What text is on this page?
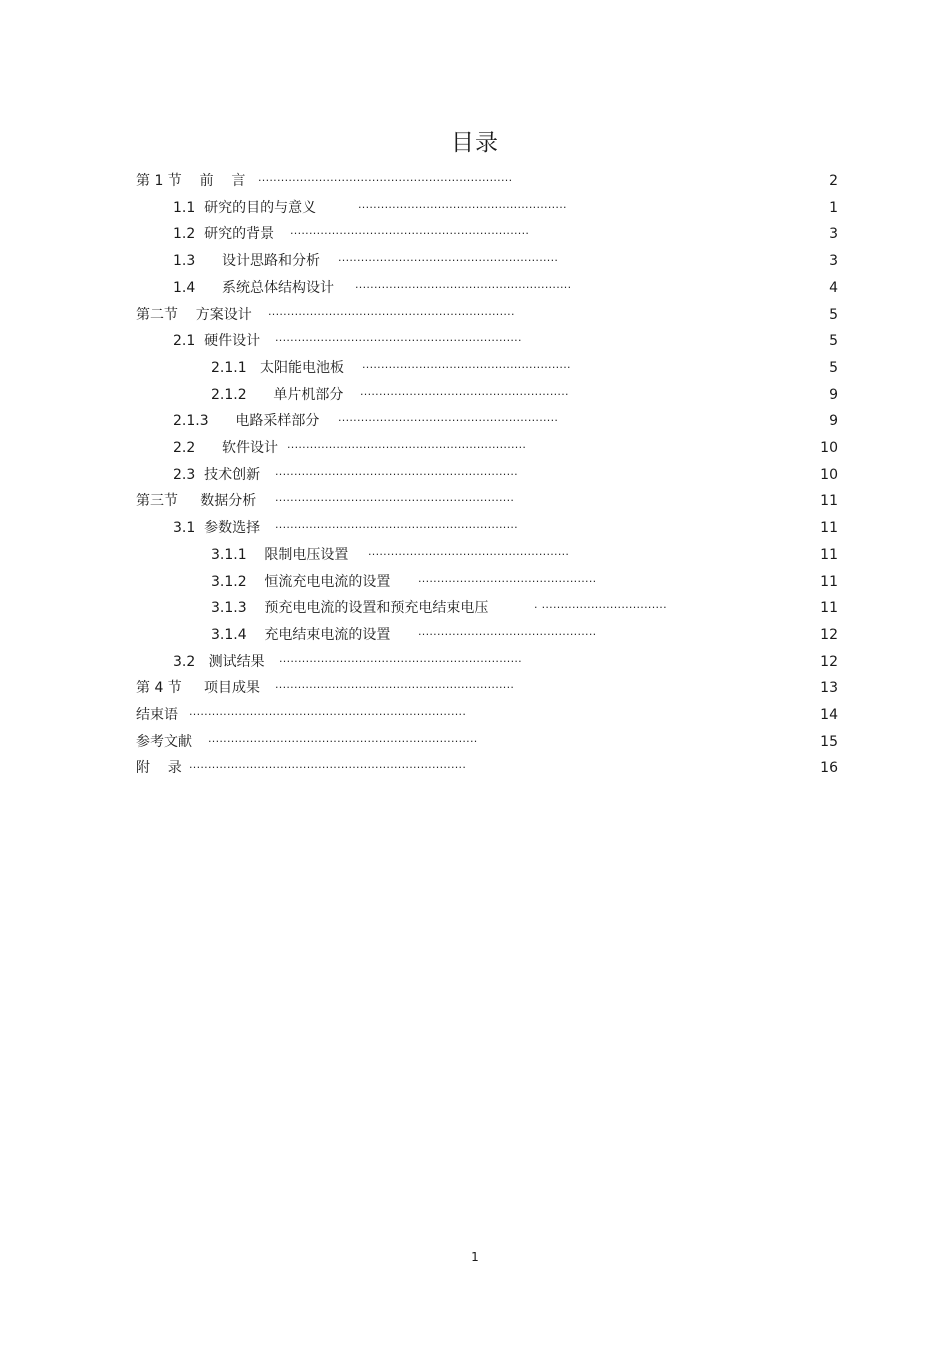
目录
第 1 节    前    言 ...................................................................	2
1.1  研究的目的与意义	.......................................................	1
1.2  研究的背景 ...............................................................	3
1.3      设计思路和分析 ..........................................................	3
1.4      系统总体结构设计 .........................................................	4
第二节    方案设计 .................................................................	5
2.1  硬件设计 .................................................................	5
2.1.1   太阳能电池板 .......................................................	5
2.1.2      单片机部分 .......................................................	9
2.1.3      电路采样部分 ..........................................................	9
2.2      软件设计 ...............................................................	10
2.3  技术创新 ................................................................	10
第三节     数据分析 ...............................................................	11
3.1  参数选择 ................................................................	11
3.1.1    限制电压设置 .....................................................	11
3.1.2    恒流充电电流的设置	...............................................	11
3.1.3    预充电电流的设置和预充电结束电压	. .................................	11
3.1.4    充电结束电流的设置	...............................................	12
3.2   测试结果 ................................................................	12
第 4 节     项目成果 ...............................................................	13
结束语 .........................................................................	14
参考文献 .......................................................................	15
附    录 .........................................................................	16
1
